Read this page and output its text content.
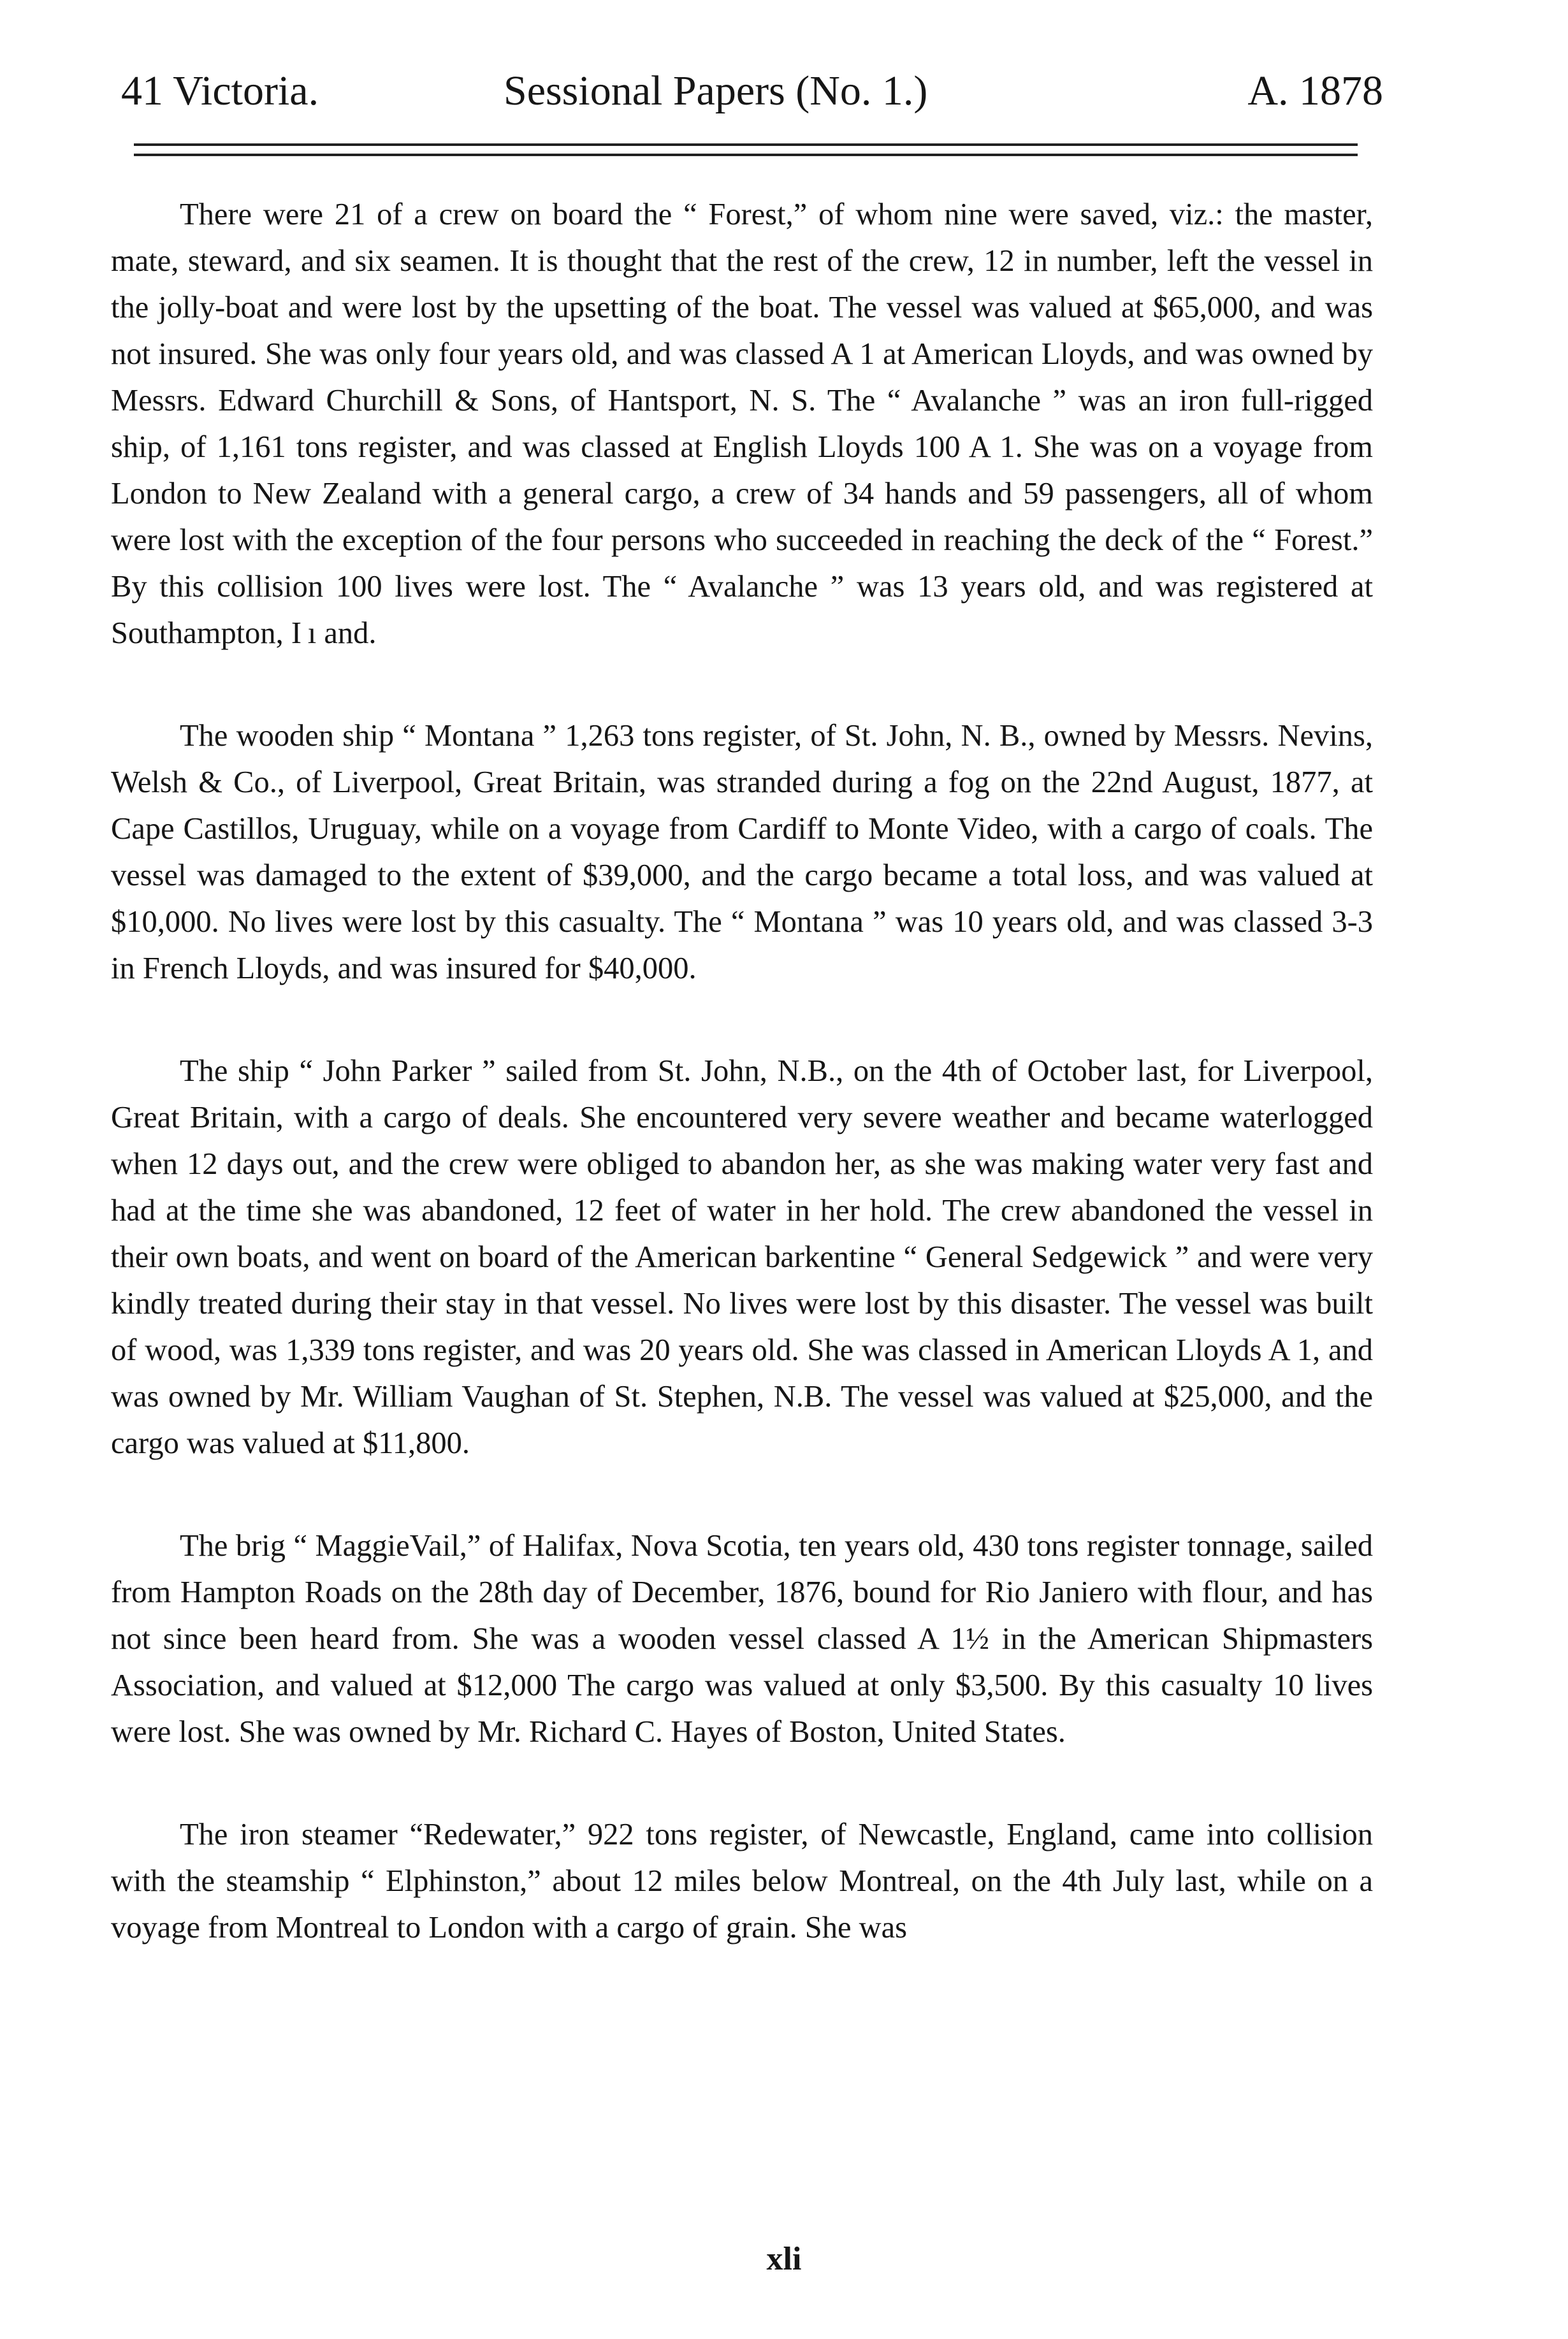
41 Victoria.	Sessional Papers (No. 1.)	A. 1878

There were 21 of a crew on board the “ Forest,” of whom nine were saved, viz.: the master, mate, steward, and six seamen. It is thought that the rest of the crew, 12 in number, left the vessel in the jolly-boat and were lost by the upsetting of the boat. The vessel was valued at $65,000, and was not insured. She was only four years old, and was classed A 1 at American Lloyds, and was owned by Messrs. Edward Churchill & Sons, of Hantsport, N. S. The “ Avalanche ” was an iron full-rigged ship, of 1,161 tons register, and was classed at English Lloyds 100 A 1. She was on a voyage from London to New Zealand with a general cargo, a crew of 34 hands and 59 passengers, all of whom were lost with the exception of the four persons who succeeded in reaching the deck of the “ Forest.” By this collision 100 lives were lost. The “ Avalanche ” was 13 years old, and was registered at Southampton, I ı and.

The wooden ship “ Montana ” 1,263 tons register, of St. John, N. B., owned by Messrs. Nevins, Welsh & Co., of Liverpool, Great Britain, was stranded during a fog on the 22nd August, 1877, at Cape Castillos, Uruguay, while on a voyage from Cardiff to Monte Video, with a cargo of coals. The vessel was damaged to the extent of $39,000, and the cargo became a total loss, and was valued at $10,000. No lives were lost by this casualty. The “ Montana ” was 10 years old, and was classed 3-3 in French Lloyds, and was insured for $40,000.

The ship “ John Parker ” sailed from St. John, N.B., on the 4th of October last, for Liverpool, Great Britain, with a cargo of deals. She encountered very severe weather and became waterlogged when 12 days out, and the crew were obliged to abandon her, as she was making water very fast and had at the time she was abandoned, 12 feet of water in her hold. The crew abandoned the vessel in their own boats, and went on board of the American barkentine “ General Sedgewick ” and were very kindly treated during their stay in that vessel. No lives were lost by this disaster. The vessel was built of wood, was 1,339 tons register, and was 20 years old. She was classed in American Lloyds A 1, and was owned by Mr. William Vaughan of St. Stephen, N.B. The vessel was valued at $25,000, and the cargo was valued at $11,800.

The brig “ MaggieVail,” of Halifax, Nova Scotia, ten years old, 430 tons register tonnage, sailed from Hampton Roads on the 28th day of December, 1876, bound for Rio Janiero with flour, and has not since been heard from. She was a wooden vessel classed A 1½ in the American Shipmasters Association, and valued at $12,000 The cargo was valued at only $3,500. By this casualty 10 lives were lost. She was owned by Mr. Richard C. Hayes of Boston, United States.

The iron steamer “Redewater,” 922 tons register, of Newcastle, England, came into collision with the steamship “ Elphinston,” about 12 miles below Montreal, on the 4th July last, while on a voyage from Montreal to London with a cargo of grain. She was

xli
